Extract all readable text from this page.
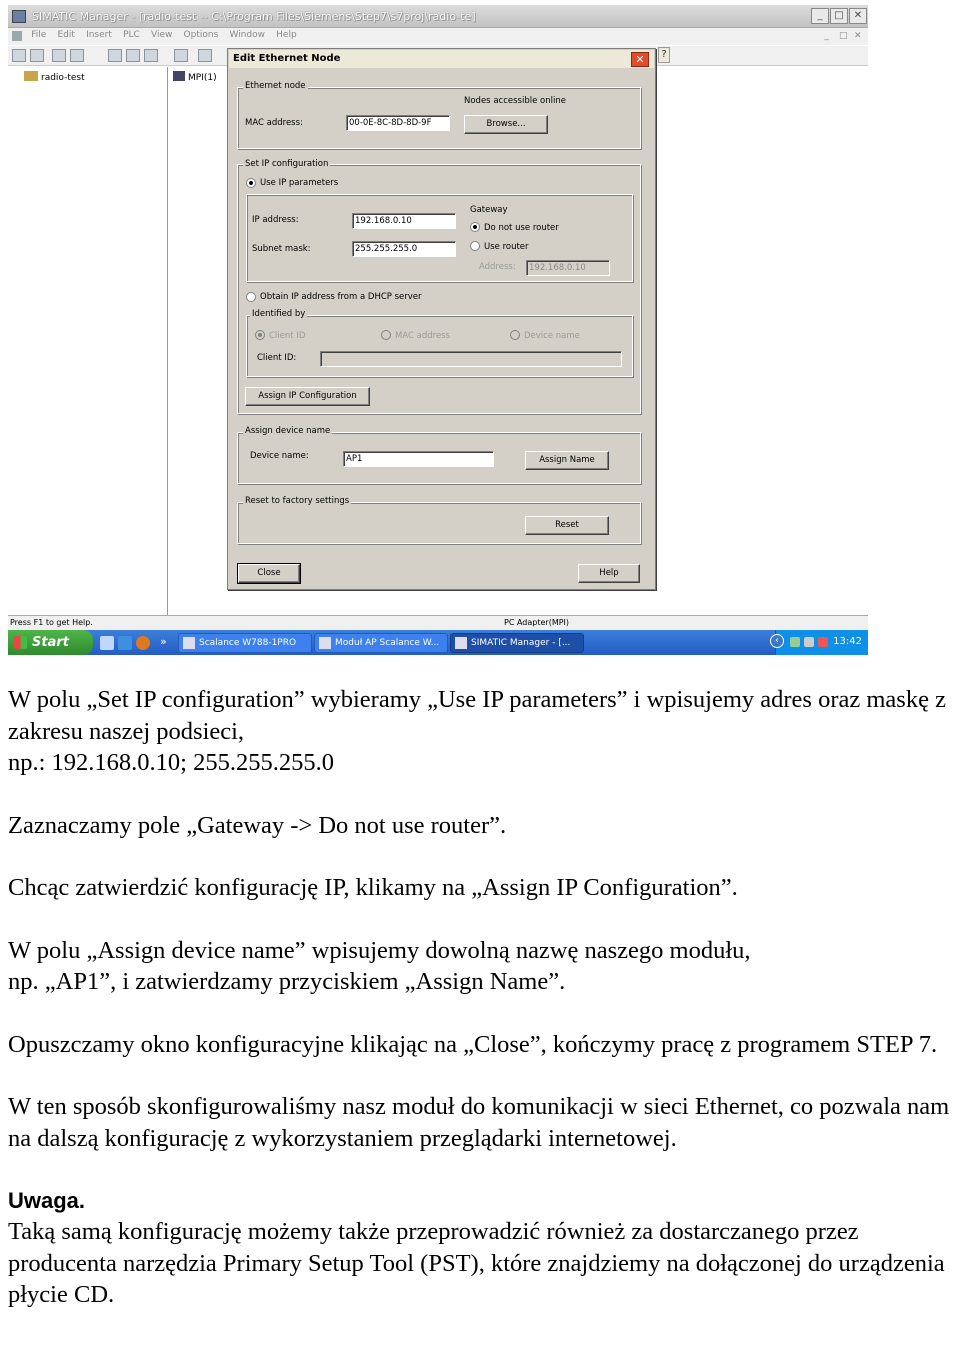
SIMATIC Manager - [radio-test -- C:\Program Files\Siemens\Step7\s7proj\radio-te]	_	□	✕
File Edit Insert PLC View Options Window Help	_	□ ✕
radio-test	MPI(1)
Press F1 to get Help.	PC Adapter(MPI)
Start	»	Scalance W788-1PRO	Moduł AP Scalance W...	SIMATIC Manager - [...	‹	13:42
Edit Ethernet Node	✕
Ethernet node
Nodes accessible online
MAC address:	00-0E-8C-8D-8D-9F	Browse...
Set IP configuration
Use IP parameters
IP address:	192.168.0.10
Subnet mask:	255.255.255.0
Gateway
Do not use router
Use router
Address:	192.168.0.10
Obtain IP address from a DHCP server
Identified by
Client ID	MAC address	Device name
Client ID:
Assign IP Configuration
Assign device name
Device name:	AP1	Assign Name
Reset to factory settings
Reset
Close	Help
?

W polu „Set IP configuration” wybieramy „Use IP parameters” i wpisujemy adres oraz maskę z zakresu naszej podsieci,

np.: 192.168.0.10; 255.255.255.0

Zaznaczamy pole „Gateway -> Do not use router”.

Chcąc zatwierdzić konfigurację IP, klikamy na „Assign IP Configuration”.

W polu „Assign device name” wpisujemy dowolną nazwę naszego modułu,

np. „AP1”, i zatwierdzamy przyciskiem „Assign Name”.

Opuszczamy okno konfiguracyjne klikając na „Close”, kończymy pracę z programem STEP 7.

W ten sposób skonfigurowaliśmy nasz moduł do komunikacji w sieci Ethernet, co pozwala nam na dalszą konfigurację z wykorzystaniem przeglądarki internetowej.

Uwaga.

Taką samą konfigurację możemy także przeprowadzić również za dostarczanego przez producenta narzędzia Primary Setup Tool (PST), które znajdziemy na dołączonej do urządzenia płycie CD.
